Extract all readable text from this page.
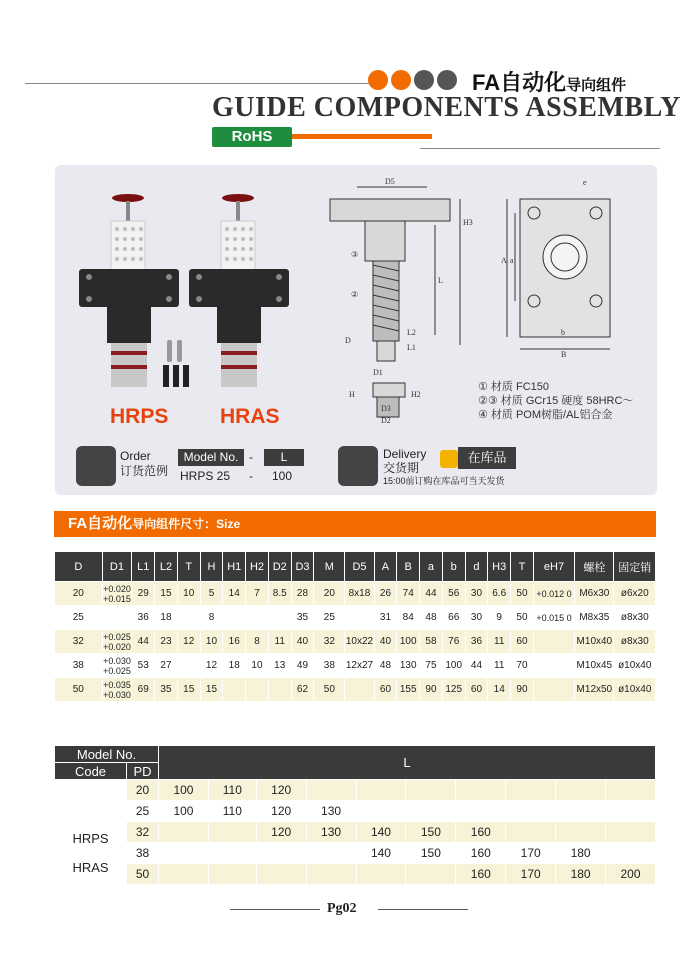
FA自动化导向组件
GUIDE COMPONENTS ASSEMBLY
RoHS
D5
H3
③
②
L
L2
L1
D
D1
H	H2
D3
D2
B
b
A a
e
HRPS HRAS
① 材质 FC150
②③ 材质 GCr15 硬度 58HRC～
④ 材质 POM树脂/AL铝合金
Order
订货范例
Model No. -	L
HRPS 25 - 100
Delivery
交货期
在库品
15:00前订购在库品可当天发货
FA自动化导向组件尺寸：Size
D	D1	L1	L2	T	H	H1	H2	D2	D3	M	D5	A	B	a	b	d	H3	T	eH7	螺栓	固定销
20	+0.020 +0.015	29	15	10	5	14	7	8.5	28	20	8x18	26	74	44	56	30	6.6	50	+0.012 0	M6x30	ø6x20
25		36	18		8				35	25		31	84	48	66	30	9	50	+0.015 0	M8x35	ø8x30
32	+0.025 +0.020	44	23	12	10	16	8	11	40	32	10x22	40	100	58	76	36	11	60		M10x40	ø8x30
38	+0.030 +0.025	53	27		12	18	10	13	49	38	12x27	48	130	75	100	44	11	70		M10x45	ø10x40
50	+0.035 +0.030	69	35	15	15				62	50		60	155	90	125	60	14	90		M12x50	ø10x40
Model No.		L									
Code	PD										
	20	100	110	120							
	25	100	110	120	130						

HRPS
HRAS	32			120	130	140	150	160			
	38					140	150	160	170	180	
	50							160	170	180	200
Pg02
